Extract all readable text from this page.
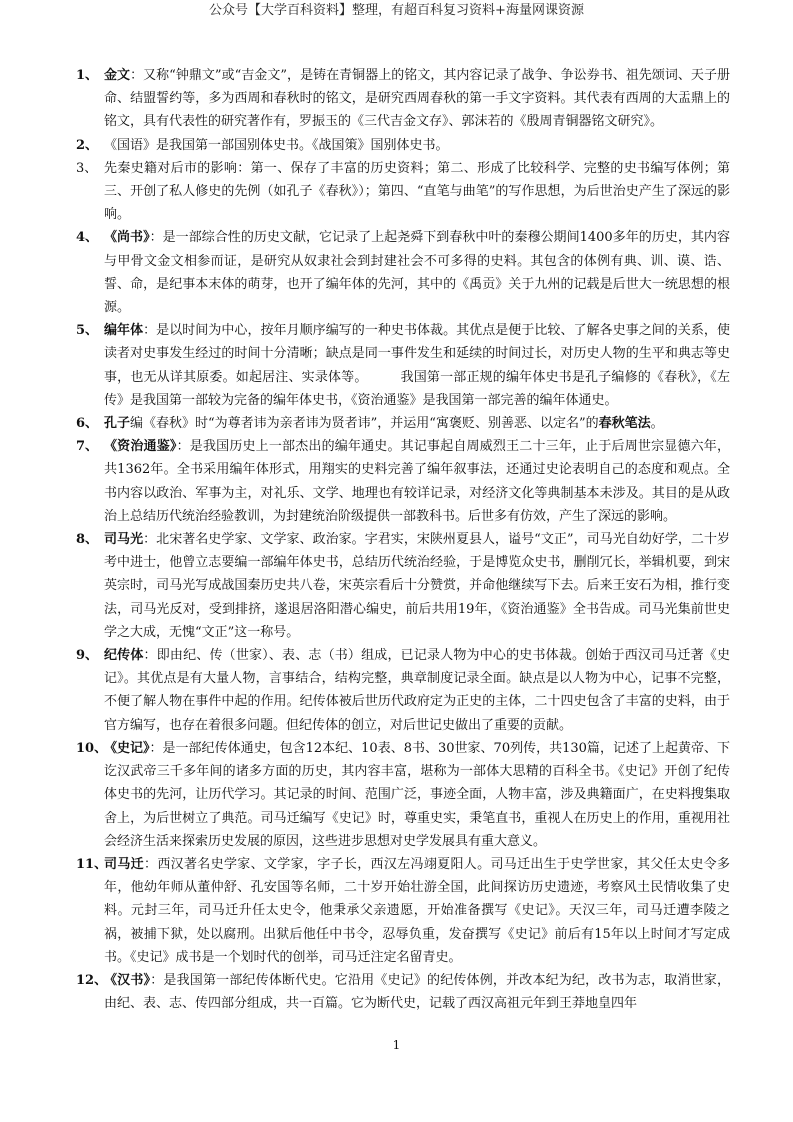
公众号【大学百科资料】整理，有超百科复习资料+海量网课资源

1、 金文：又称“钟鼎文”或“吉金文”，是铸在青铜器上的铭文，其内容记录了战争、争讼券书、祖先颂词、天子册命、结盟誓约等，多为西周和春秋时的铭文，是研究西周春秋的第一手文字资料。其代表有西周的大盂鼎上的铭文，具有代表性的研究著作有，罗振玉的《三代吉金文存》、郭沫若的《殷周青铜器铭文研究》。

2、 《国语》是我国第一部国别体史书。《战国策》国别体史书。

3、 先秦史籍对后市的影响：第一、保存了丰富的历史资料；第二、形成了比较科学、完整的史书编写体例；第三、开创了私人修史的先例（如孔子《春秋》）；第四、“直笔与曲笔”的写作思想，为后世治史产生了深远的影响。

4、 《尚书》：是一部综合性的历史文献，它记录了上起尧舜下到春秋中叶的秦穆公期间1400多年的历史，其内容与甲骨文金文相参而证，是研究从奴隶社会到封建社会不可多得的史料。其包含的体例有典、训、谟、诰、誓、命，是纪事本末体的萌芽，也开了编年体的先河，其中的《禹贡》关于九州的记载是后世大一统思想的根源。

5、 编年体：是以时间为中心，按年月顺序编写的一种史书体裁。其优点是便于比较、了解各史事之间的关系，使读者对史事发生经过的时间十分清晰；缺点是同一事件发生和延续的时间过长，对历史人物的生平和典志等史事，也无从详其原委。如起居注、实录体等。　　　我国第一部正规的编年体史书是孔子编修的《春秋》，《左传》是我国第一部较为完备的编年体史书，《资治通鉴》是我国第一部完善的编年体通史。

6、 孔子编《春秋》时“为尊者讳为亲者讳为贤者讳”，并运用“寓褒贬、别善恶、以定名”的春秋笔法。

7、 《资治通鉴》：是我国历史上一部杰出的编年通史。其记事起自周威烈王二十三年，止于后周世宗显德六年，共1362年。全书采用编年体形式，用翔实的史料完善了编年叙事法，还通过史论表明自己的态度和观点。全书内容以政治、军事为主，对礼乐、文学、地理也有较详记录，对经济文化等典制基本未涉及。其目的是从政治上总结历代统治经验教训，为封建统治阶级提供一部教科书。后世多有仿效，产生了深远的影响。

8、 司马光：北宋著名史学家、文学家、政治家。字君实，宋陕州夏县人，谥号“文正”，司马光自幼好学，二十岁考中进士，他曾立志要编一部编年体史书，总结历代统治经验，于是博览众史书，删削冗长，举辑机要，到宋英宗时，司马光写成战国秦历史共八卷，宋英宗看后十分赞赏，并命他继续写下去。后来王安石为相，推行变法，司马光反对，受到排挤，遂退居洛阳潜心编史，前后共用19年，《资治通鉴》全书告成。司马光集前世史学之大成，无愧“文正”这一称号。

9、 纪传体：即由纪、传（世家）、表、志（书）组成，已记录人物为中心的史书体裁。创始于西汉司马迁著《史记》。其优点是有大量人物，言事结合，结构完整，典章制度记录全面。缺点是以人物为中心，记事不完整，不便了解人物在事件中起的作用。纪传体被后世历代政府定为正史的主体，二十四史包含了丰富的史料，由于官方编写，也存在着很多问题。但纪传体的创立，对后世记史做出了重要的贡献。

10、
《史记》：是一部纪传体通史，包含12本纪、10表、8书、30世家、70列传，共130篇，记述了上起黄帝、下讫汉武帝三千多年间的诸多方面的历史，其内容丰富，堪称为一部体大思精的百科全书。《史记》开创了纪传体史书的先河，让历代学习。其记录的时间、范围广泛，事迹全面，人物丰富，涉及典籍面广，在史料搜集取舍上，为后世树立了典范。司马迁编写《史记》时，尊重史实，秉笔直书，重视人在历史上的作用，重视用社会经济生活来探索历史发展的原因，这些进步思想对史学发展具有重大意义。

11、
司马迁：西汉著名史学家、文学家，字子长，西汉左冯翊夏阳人。司马迁出生于史学世家，其父任太史令多年，他幼年师从董仲舒、孔安国等名师，二十岁开始壮游全国，此间探访历史遗迹，考察风土民情收集了史料。元封三年，司马迁升任太史令，他秉承父亲遗愿，开始准备撰写《史记》。天汉三年，司马迁遭李陵之祸，被捕下狱，处以腐刑。出狱后他任中书令，忍辱负重，发奋撰写《史记》前后有15年以上时间才写定成书。《史记》成书是一个划时代的创举，司马迁注定名留青史。

12、
《汉书》：是我国第一部纪传体断代史。它沿用《史记》的纪传体例，并改本纪为纪，改书为志，取消世家，由纪、表、志、传四部分组成，共一百篇。它为断代史，记载了西汉高祖元年到王莽地皇四年

1
